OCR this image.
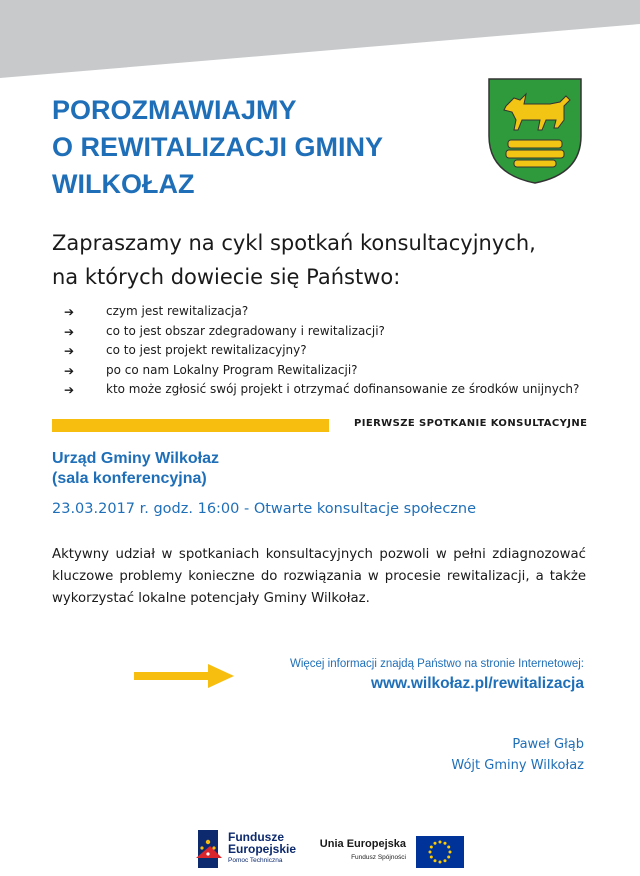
POROZMAWIAJMY
O REWITALIZACJI GMINY
WILKOŁAZ
Zapraszamy na cykl spotkań konsultacyjnych,
na których dowiecie się Państwo:
➔	czym jest rewitalizacja?
➔	co to jest obszar zdegradowany i rewitalizacji?
➔	co to jest projekt rewitalizacyjny?
➔	po co nam Lokalny Program Rewitalizacji?
➔	kto może zgłosić swój projekt i otrzymać dofinansowanie ze środków unijnych?
PIERWSZE SPOTKANIE KONSULTACYJNE
Urząd Gminy Wilkołaz
(sala konferencyjna)
23.03.2017 r. godz. 16:00 - Otwarte konsultacje społeczne
Aktywny udział w spotkaniach konsultacyjnych pozwoli w pełni zdiagnozować kluczowe problemy konieczne do rozwiązania w procesie rewitalizacji, a także wykorzystać lokalne potencjały Gminy Wilkołaz.
Więcej informacji znajdą Państwo na stronie Internetowej:
www.wilkołaz.pl/rewitalizacja
Paweł Głąb
Wójt Gminy Wilkołaz
Fundusze
Europejskie
Pomoc Techniczna
Unia Europejska
Fundusz Spójności
